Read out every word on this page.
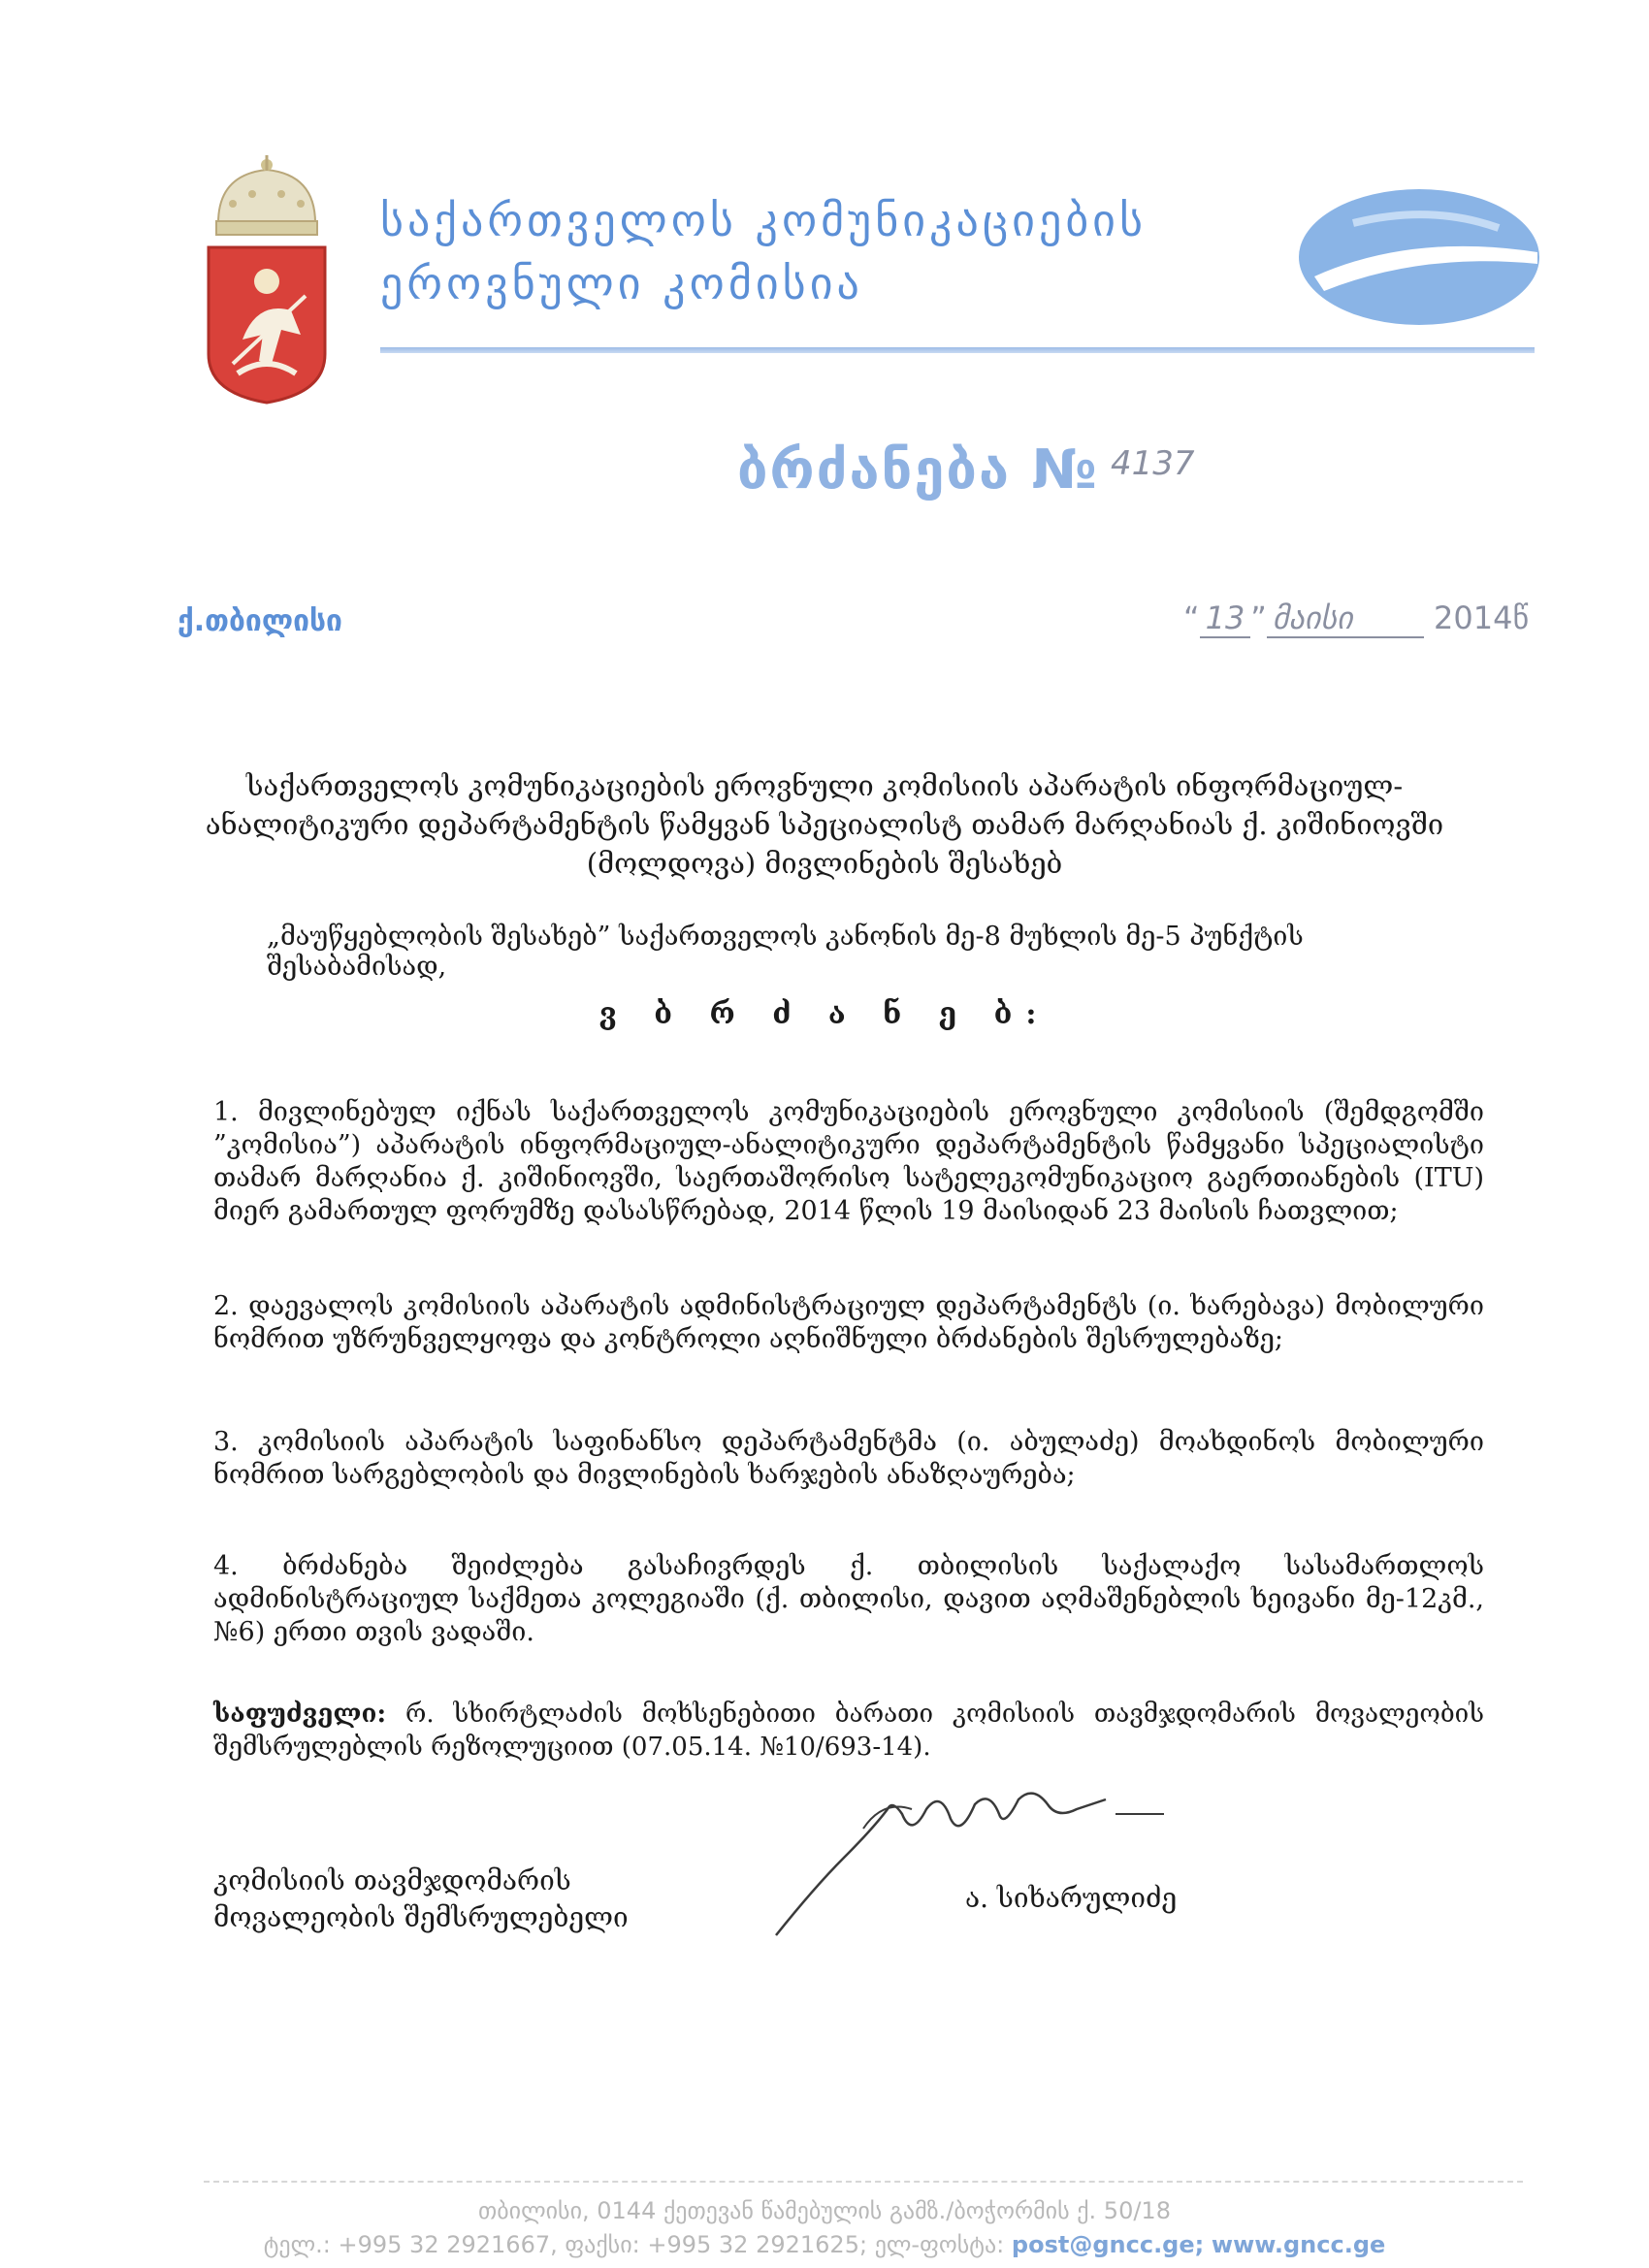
საქართველოს კომუნიკაციების
ეროვნული კომისია
ბრძანება № 4137
ქ.თბილისი	“ 13 ” მაისი	2014წ
საქართველოს კომუნიკაციების ეროვნული კომისიის აპარატის ინფორმაციულ-ანალიტიკური დეპარტამენტის წამყვან სპეციალისტ თამარ მარღანიას ქ. კიშინიოვში (მოლდოვა) მივლინების შესახებ
„მაუწყებლობის შესახებ” საქართველოს კანონის მე-8 მუხლის მე-5 პუნქტის შესაბამისად,
ვ ბ რ ძ ა ნ ე ბ:
1. მივლინებულ იქნას საქართველოს კომუნიკაციების ეროვნული კომისიის (შემდგომში ”კომისია”) აპარატის ინფორმაციულ-ანალიტიკური დეპარტამენტის წამყვანი სპეციალისტი თამარ მარღანია ქ. კიშინიოვში, საერთაშორისო სატელეკომუნიკაციო გაერთიანების (ITU) მიერ გამართულ ფორუმზე დასასწრებად, 2014 წლის 19 მაისიდან 23 მაისის ჩათვლით;
2. დაევალოს კომისიის აპარატის ადმინისტრაციულ დეპარტამენტს (ი. ხარებავა) მობილური ნომრით უზრუნველყოფა და კონტროლი აღნიშნული ბრძანების შესრულებაზე;
3. კომისიის აპარატის საფინანსო დეპარტამენტმა (ი. აბულაძე) მოახდინოს მობილური ნომრით სარგებლობის და მივლინების ხარჯების ანაზღაურება;
4. ბრძანება შეიძლება გასაჩივრდეს ქ. თბილისის საქალაქო სასამართლოს ადმინისტრაციულ საქმეთა კოლეგიაში (ქ. თბილისი, დავით აღმაშენებლის ხეივანი მე-12კმ., №6) ერთი თვის ვადაში.
საფუძველი: რ. სხირტლაძის მოხსენებითი ბარათი კომისიის თავმჯდომარის მოვალეობის შემსრულებლის რეზოლუციით (07.05.14. №10/693-14).
კომისიის თავმჯდომარის
მოვალეობის შემსრულებელი
ა. სიხარულიძე
თბილისი, 0144 ქეთევან წამებულის გამზ./ბოჭორმის ქ. 50/18
ტელ.: +995 32 2921667, ფაქსი: +995 32 2921625; ელ-ფოსტა: post@gncc.ge; www.gncc.ge
